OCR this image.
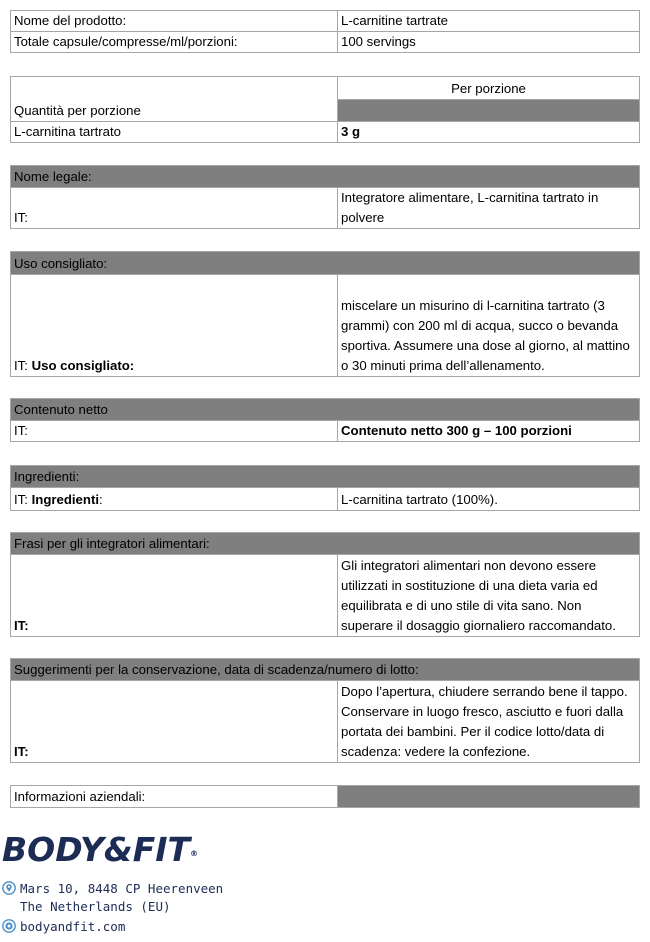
Nome del prodotto:	L-carnitine tartrate
Totale capsule/compresse/ml/porzioni:	100 servings
Quantità per porzione	Per porzione

L-carnitina tartrato	3 g
Nome legale:
IT:	Integratore alimentare, L-carnitina tartrato in polvere
Uso consigliato:
IT: Uso consigliato:	miscelare un misurino di l-carnitina tartrato (3 grammi) con 200 ml di acqua, succo o bevanda sportiva. Assumere una dose al giorno, al mattino o 30 minuti prima dell’allenamento.
Contenuto netto
IT:	Contenuto netto 300 g – 100 porzioni
Ingredienti:
IT: Ingredienti:	L-carnitina tartrato (100%).
Frasi per gli integratori alimentari:
IT:	Gli integratori alimentari non devono essere utilizzati in sostituzione di una dieta varia ed equilibrata e di uno stile di vita sano. Non superare il dosaggio giornaliero raccomandato.
Suggerimenti per la conservazione, data di scadenza/numero di lotto:
IT:	Dopo l’apertura, chiudere serrando bene il tappo. Conservare in luogo fresco, asciutto e fuori dalla portata dei bambini. Per il codice lotto/data di scadenza: vedere la confezione.
Informazioni aziendali:	
BODY&FIT®
Mars 10, 8448 CP Heerenveen
The Netherlands (EU)
bodyandfit.com
